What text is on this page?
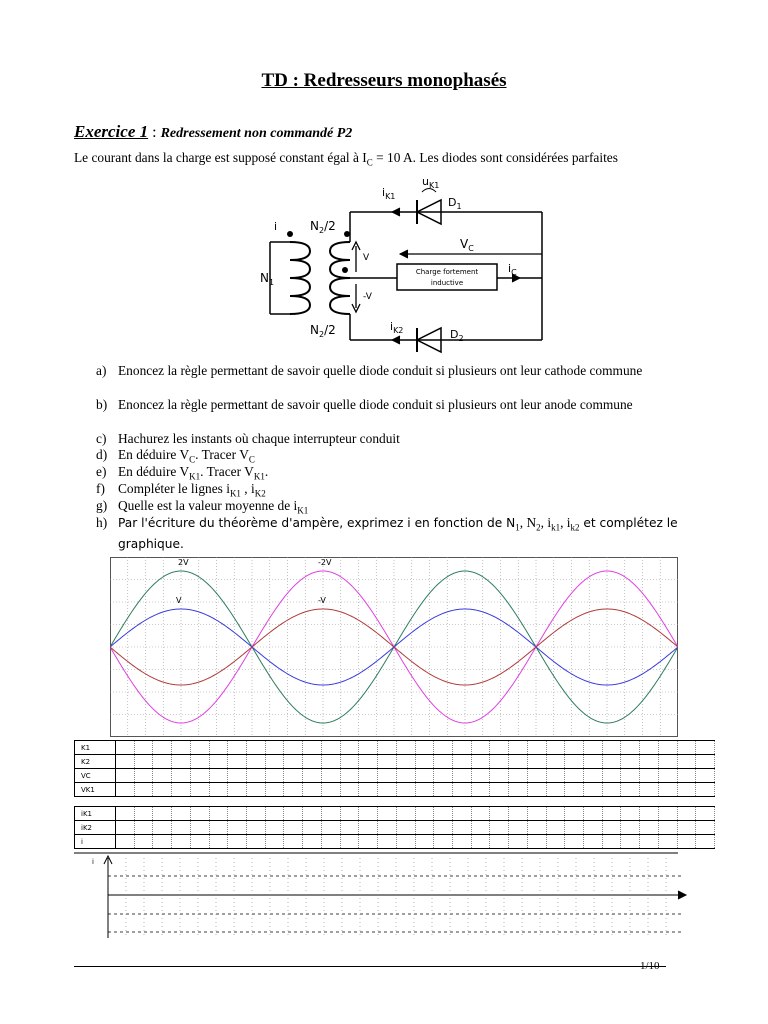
TD : Redresseurs monophasés
Exercice 1 : Redressement non commandé P2
Le courant dans la charge est supposé constant égal à $I_C = 10$ A. Les diodes sont considérées parfaites
Charge fortement
inductive
i
$N_1$
$N_2/2$
$N_2/2$
V
-V
$i_{K1}$
$u_{K1}$
$D_1$
$i_{K2}$	$D_2$
$V_C$
$i_C$
a) Enoncez la règle permettant de savoir quelle diode conduit si plusieurs ont leur cathode commune
b) Enoncez la règle permettant de savoir quelle diode conduit si plusieurs ont leur anode commune
c) Hachurez les instants où chaque interrupteur conduit
d) En déduire $V_C$. Tracer $V_C$
e) En déduire $V_{K1}$. Tracer $V_{K1}$.
f) Compléter le lignes $i_{K1}$ , $i_{K2}$
g) Quelle est la valeur moyenne de $i_{K1}$
h) Par l'écriture du théorème d'ampère, exprimez i en fonction de $N_1$, $N_2$, $i_{k1}$, $i_{k2}$ et complétez le graphique.
2V	-2V
V	-V
K1																																
K2																																
VC																																
VK1																																
iK1																																
iK2																																
i																																
i
1/10
